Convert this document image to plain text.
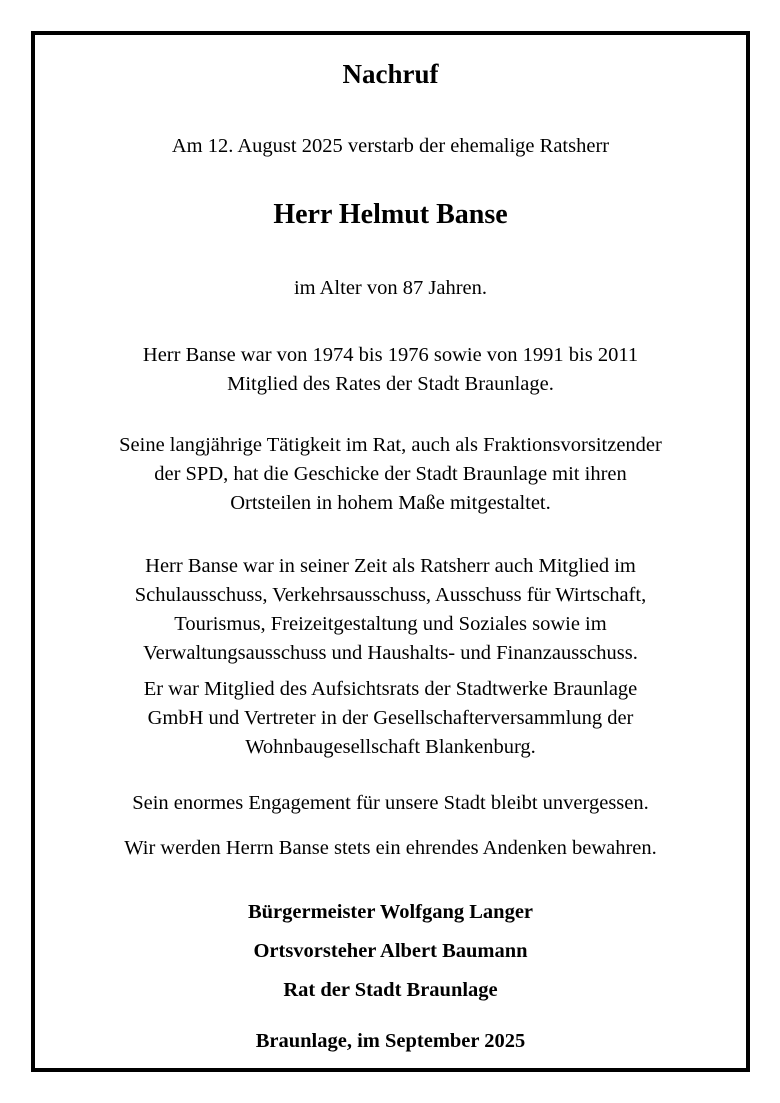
Nachruf

Am 12. August 2025 verstarb der ehemalige Ratsherr

Herr Helmut Banse

im Alter von 87 Jahren.

Herr Banse war von 1974 bis 1976 sowie von 1991 bis 2011

Mitglied des Rates der Stadt Braunlage.

Seine langjährige Tätigkeit im Rat, auch als Fraktionsvorsitzender

der SPD, hat die Geschicke der Stadt Braunlage mit ihren

Ortsteilen in hohem Maße mitgestaltet.

Herr Banse war in seiner Zeit als Ratsherr auch Mitglied im

Schulausschuss, Verkehrsausschuss, Ausschuss für Wirtschaft,

Tourismus, Freizeitgestaltung und Soziales sowie im

Verwaltungsausschuss und Haushalts- und Finanzausschuss.

Er war Mitglied des Aufsichtsrats der Stadtwerke Braunlage

GmbH und Vertreter in der Gesellschafterversammlung der

Wohnbaugesellschaft Blankenburg.

Sein enormes Engagement für unsere Stadt bleibt unvergessen.

Wir werden Herrn Banse stets ein ehrendes Andenken bewahren.

Bürgermeister Wolfgang Langer

Ortsvorsteher Albert Baumann

Rat der Stadt Braunlage

Braunlage, im September 2025
